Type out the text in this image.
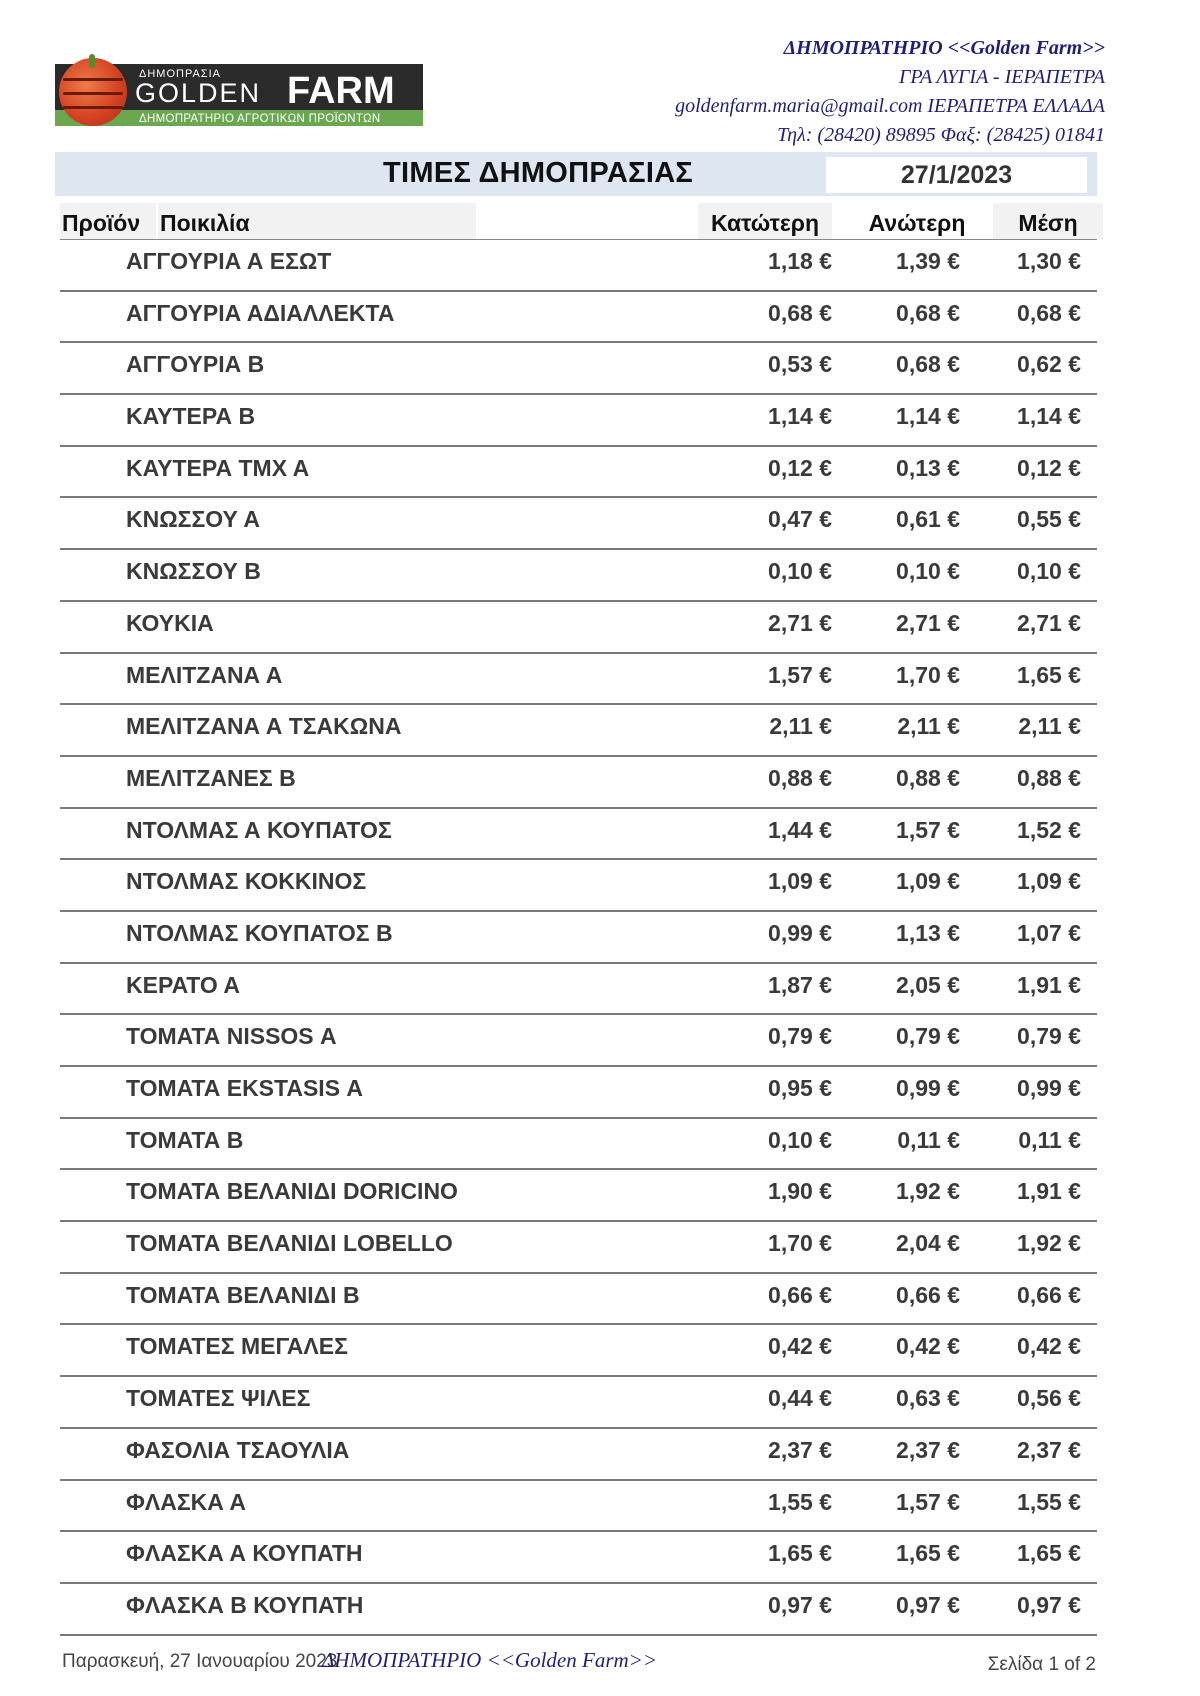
ΔΗΜΟΠΡΑΣΙΑ
GOLDEN FARM
ΔΗΜΟΠΡΑΤΗΡΙΟ ΑΓΡΟΤΙΚΩΝ ΠΡΟΪΟΝΤΩΝ
ΔΗΜΟΠΡΑΤΗΡΙΟ <<Golden Farm>>
ΓΡΑ ΛΥΓΙΑ - ΙΕΡΑΠΕΤΡΑ
goldenfarm.maria@gmail.com ΙΕΡΑΠΕΤΡΑ ΕΛΛΑΔΑ
Τηλ: (28420) 89895 Φαξ: (28425) 01841
ΤΙΜΕΣ ΔΗΜΟΠΡΑΣΙΑΣ	27/1/2023
Προϊόν Ποικιλία	Κατώτερη	Ανώτερη	Μέση
ΑΓΓΟΥΡΙΑ Α ΕΣΩΤ	1,18 €	1,39 € 1,30 €
ΑΓΓΟΥΡΙΑ ΑΔΙΑΛΛΕΚΤΑ	0,68 €	0,68 € 0,68 €
ΑΓΓΟΥΡΙΑ Β	0,53 €	0,68 € 0,62 €
ΚΑΥΤΕΡΑ Β	1,14 €	1,14 € 1,14 €
ΚΑΥΤΕΡΑ ΤΜΧ Α	0,12 €	0,13 € 0,12 €
ΚΝΩΣΣΟΥ Α	0,47 €	0,61 € 0,55 €
ΚΝΩΣΣΟΥ Β	0,10 €	0,10 € 0,10 €
ΚΟΥΚΙΑ	2,71 €	2,71 € 2,71 €
ΜΕΛΙΤΖΑΝΑ Α	1,57 €	1,70 € 1,65 €
ΜΕΛΙΤΖΑΝΑ Α ΤΣΑΚΩΝΑ	2,11 €	2,11 €	2,11 €
ΜΕΛΙΤΖΑΝΕΣ Β	0,88 €	0,88 € 0,88 €
ΝΤΟΛΜΑΣ Α ΚΟΥΠΑΤΟΣ	1,44 €	1,57 € 1,52 €
ΝΤΟΛΜΑΣ ΚΟΚΚΙΝΟΣ	1,09 €	1,09 € 1,09 €
ΝΤΟΛΜΑΣ ΚΟΥΠΑΤΟΣ Β	0,99 €	1,13 € 1,07 €
ΚΕΡΑΤΟ Α	1,87 €	2,05 € 1,91 €
ΤΟΜΑΤΑ NISSOS Α	0,79 €	0,79 € 0,79 €
ΤΟΜΑΤΑ EKSTASIS Α	0,95 €	0,99 € 0,99 €
ΤΟΜΑΤΑ Β	0,10 €	0,11 €	0,11 €
ΤΟΜΑΤΑ ΒΕΛΑΝΙΔΙ DORICINO	1,90 €	1,92 € 1,91 €
ΤΟΜΑΤΑ ΒΕΛΑΝΙΔΙ LOBELLO	1,70 €	2,04 € 1,92 €
ΤΟΜΑΤΑ ΒΕΛΑΝΙΔΙ Β	0,66 €	0,66 € 0,66 €
ΤΟΜΑΤΕΣ ΜΕΓΑΛΕΣ	0,42 €	0,42 € 0,42 €
ΤΟΜΑΤΕΣ ΨΙΛΕΣ	0,44 €	0,63 € 0,56 €
ΦΑΣΟΛΙΑ ΤΣΑΟΥΛΙΑ	2,37 €	2,37 € 2,37 €
ΦΛΑΣΚΑ Α	1,55 €	1,57 € 1,55 €
ΦΛΑΣΚΑ Α ΚΟΥΠΑΤΗ	1,65 €	1,65 € 1,65 €
ΦΛΑΣΚΑ Β ΚΟΥΠΑΤΗ	0,97 €	0,97 € 0,97 €
Παρασκευή, 27 Ιανουαρίου 2023
ΔΗΜΟΠΡΑΤΗΡΙΟ <<Golden Farm>>	Σελίδα 1 of 2
